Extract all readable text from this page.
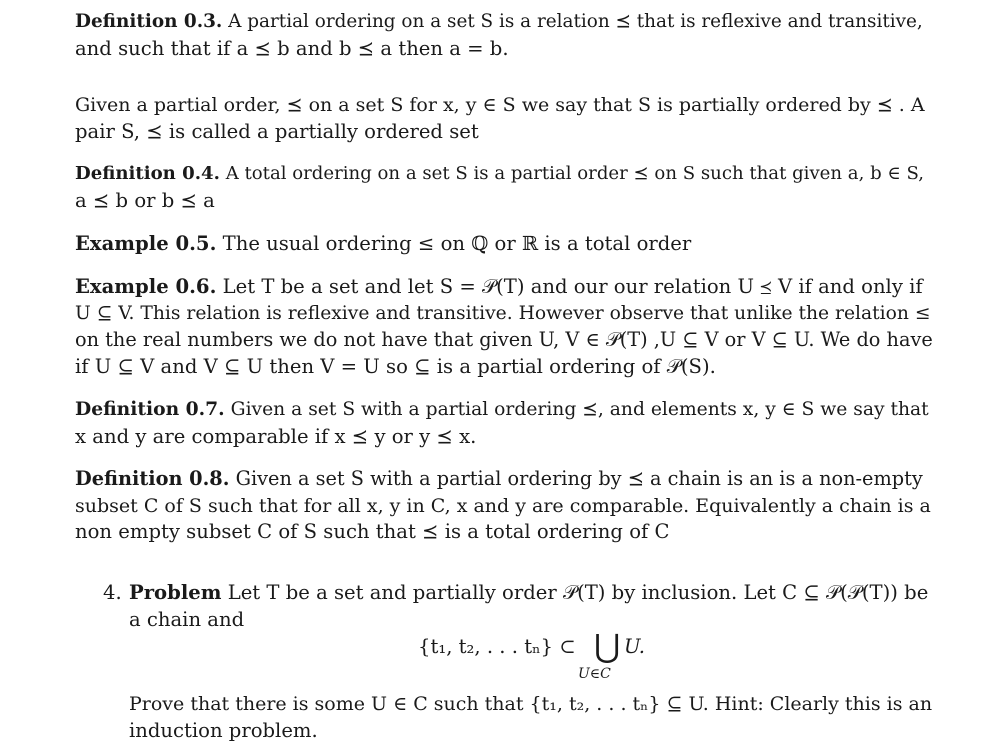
Definition 0.3. A partial ordering on a set S is a relation ⪯ that is reflexive and transitive,
and such that if a ⪯ b and b ⪯ a then a = b.
Given a partial order, ⪯ on a set S for x, y ∈ S we say that S is partially ordered by ⪯ . A
pair S, ⪯ is called a partially ordered set
Definition 0.4. A total ordering on a set S is a partial order ⪯ on S such that given a, b ∈ S,
a ⪯ b or b ⪯ a
Example 0.5. The usual ordering ≤ on ℚ or ℝ is a total order
Example 0.6. Let T be a set and let S = 𝒫(T) and our our relation U ⪯ V if and only if
U ⊆ V. This relation is reflexive and transitive. However observe that unlike the relation ≤
on the real numbers we do not have that given U, V ∈ 𝒫(T) ,U ⊆ V or V ⊆ U. We do have
if U ⊆ V and V ⊆ U then V = U so ⊆ is a partial ordering of 𝒫(S).
Definition 0.7. Given a set S with a partial ordering ⪯, and elements x, y ∈ S we say that
x and y are comparable if x ⪯ y or y ⪯ x.
Definition 0.8. Given a set S with a partial ordering by ⪯ a chain is an is a non-empty
subset C of S such that for all x, y in C, x and y are comparable. Equivalently a chain is a
non empty subset C of S such that ⪯ is a total ordering of C
4. Problem Let T be a set and partially order 𝒫(T) by inclusion. Let C ⊆ 𝒫(𝒫(T)) be
a chain and
{t₁, t₂, . . . tₙ} ⊂ ⋃ U.
U∈C
Prove that there is some U ∈ C such that {t₁, t₂, . . . tₙ} ⊆ U. Hint: Clearly this is an
induction problem.
